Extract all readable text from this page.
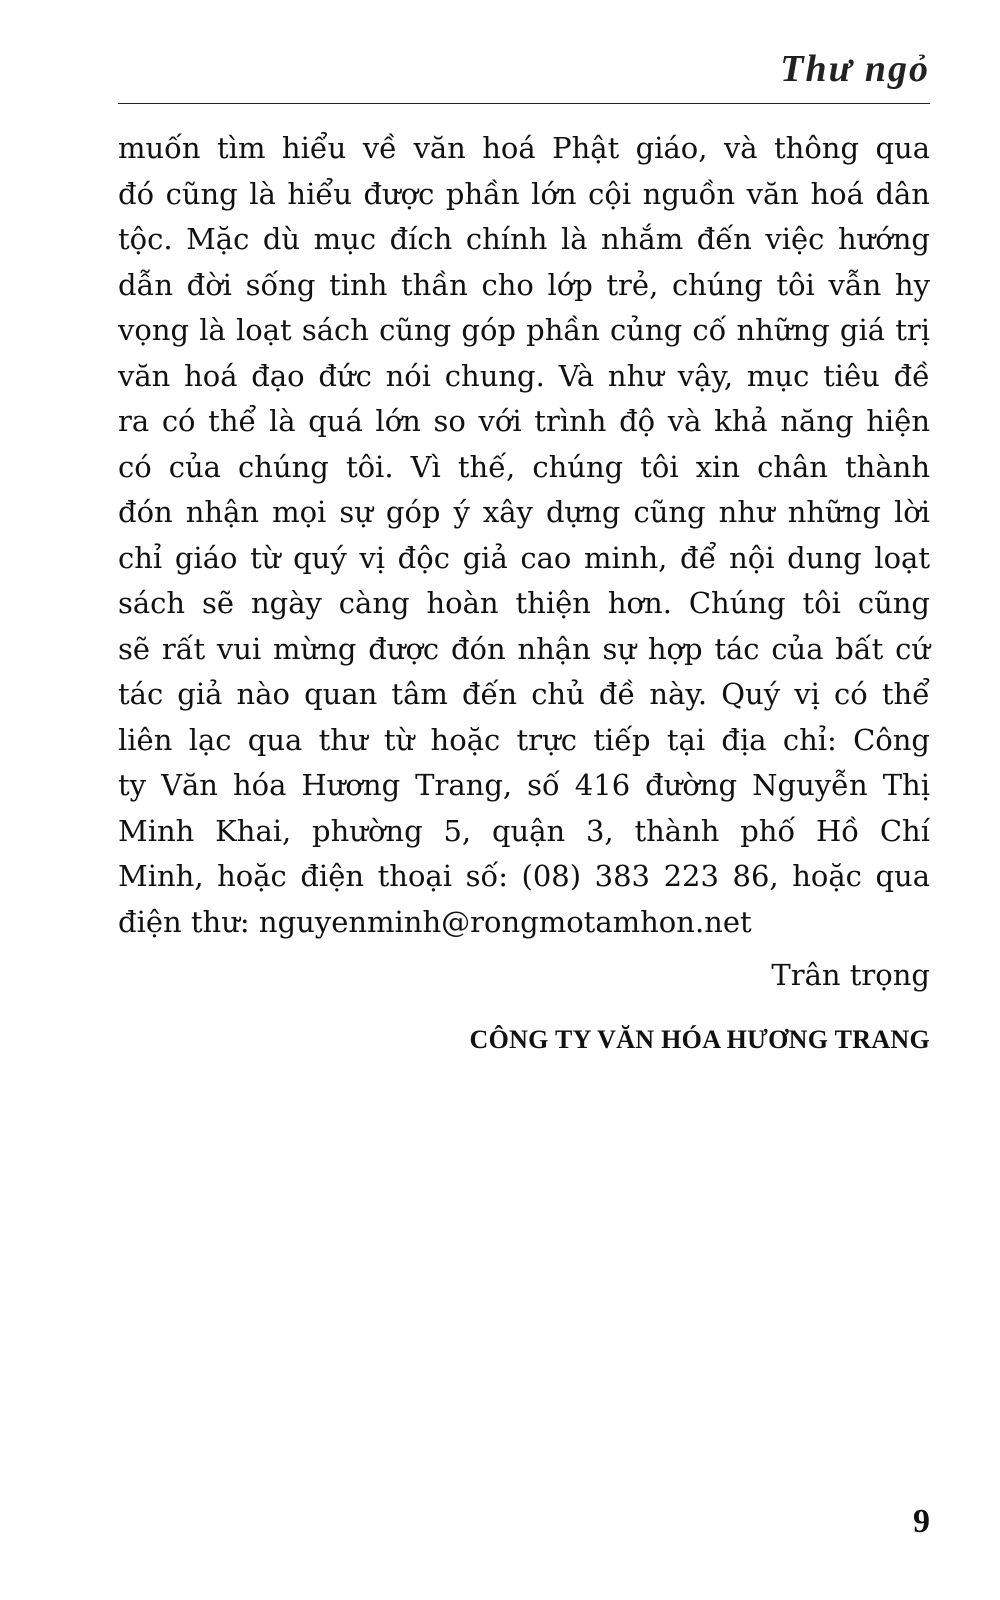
Thư ngỏ
muốn tìm hiểu về văn hoá Phật giáo, và thông qua
đó cũng là hiểu được phần lớn cội nguồn văn hoá dân
tộc. Mặc dù mục đích chính là nhắm đến việc hướng
dẫn đời sống tinh thần cho lớp trẻ, chúng tôi vẫn hy
vọng là loạt sách cũng góp phần củng cố những giá trị
văn hoá đạo đức nói chung. Và như vậy, mục tiêu đề
ra có thể là quá lớn so với trình độ và khả năng hiện
có của chúng tôi. Vì thế, chúng tôi xin chân thành
đón nhận mọi sự góp ý xây dựng cũng như những lời
chỉ giáo từ quý vị độc giả cao minh, để nội dung loạt
sách sẽ ngày càng hoàn thiện hơn. Chúng tôi cũng
sẽ rất vui mừng được đón nhận sự hợp tác của bất cứ
tác giả nào quan tâm đến chủ đề này. Quý vị có thể
liên lạc qua thư từ hoặc trực tiếp tại địa chỉ: Công
ty Văn hóa Hương Trang, số 416 đường Nguyễn Thị
Minh Khai, phường 5, quận 3, thành phố Hồ Chí
Minh, hoặc điện thoại số: (08) 383 223 86, hoặc qua
điện thư: nguyenminh@rongmotamhon.net
Trân trọng
CÔNG TY VĂN HÓA HƯƠNG TRANG
9
